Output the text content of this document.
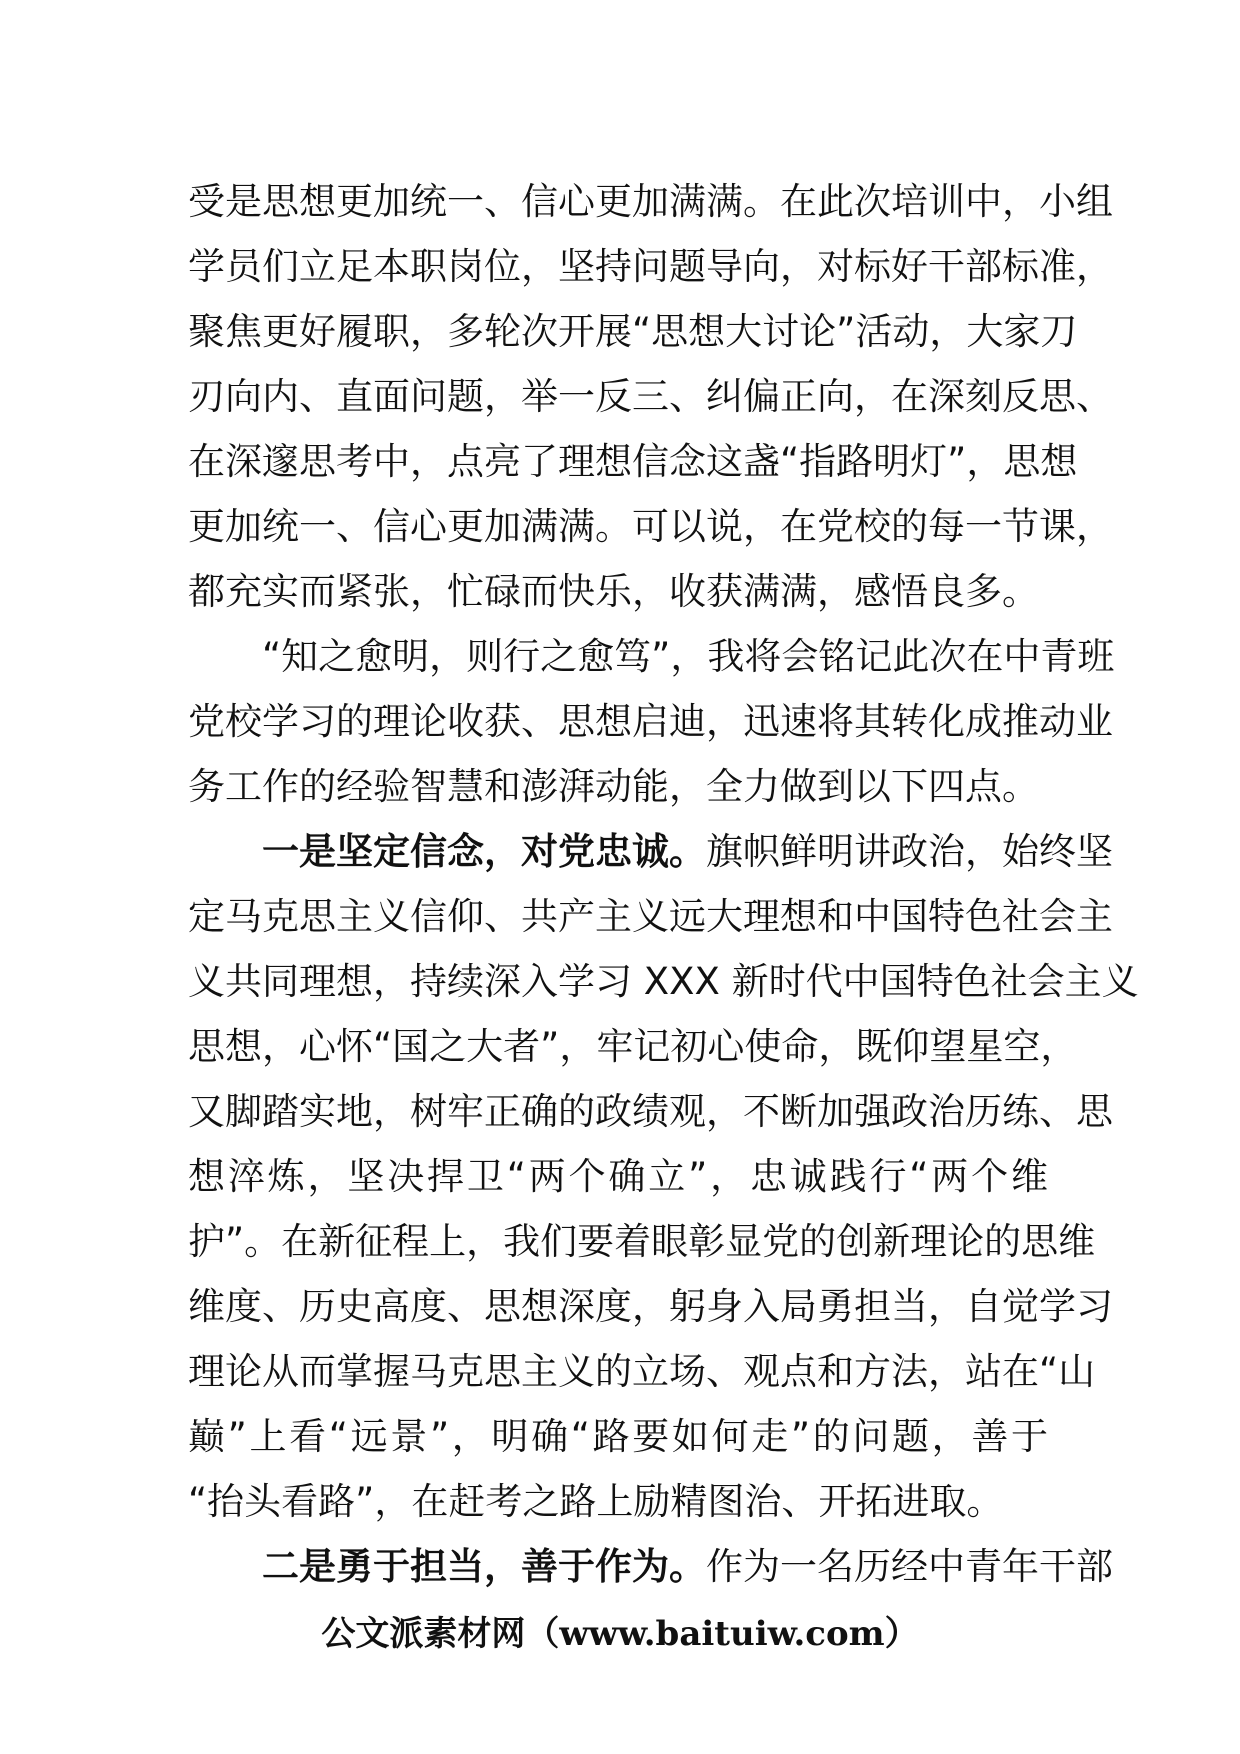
受是思想更加统一、信心更加满满。在此次培训中，小组
学员们立足本职岗位，坚持问题导向，对标好干部标准，
聚焦更好履职，多轮次开展“思想大讨论”活动，大家刀
刃向内、直面问题，举一反三、纠偏正向，在深刻反思、
在深邃思考中，点亮了理想信念这盏“指路明灯”，思想
更加统一、信心更加满满。可以说，在党校的每一节课，
都充实而紧张，忙碌而快乐，收获满满，感悟良多。
“知之愈明，则行之愈笃”，我将会铭记此次在中青班
党校学习的理论收获、思想启迪，迅速将其转化成推动业
务工作的经验智慧和澎湃动能，全力做到以下四点。
一是坚定信念，对党忠诚。旗帜鲜明讲政治，始终坚
定马克思主义信仰、共产主义远大理想和中国特色社会主
义共同理想，持续深入学习 XXX 新时代中国特色社会主义
思想，心怀“国之大者”，牢记初心使命，既仰望星空，
又脚踏实地，树牢正确的政绩观，不断加强政治历练、思
想淬炼，坚决捍卫“两个确立”，忠诚践行“两个维
护”。在新征程上，我们要着眼彰显党的创新理论的思维
维度、历史高度、思想深度，躬身入局勇担当，自觉学习
理论从而掌握马克思主义的立场、观点和方法，站在“山
巅”上看“远景”，明确“路要如何走”的问题，善于
“抬头看路”，在赶考之路上励精图治、开拓进取。
二是勇于担当，善于作为。作为一名历经中青年干部
公文派素材网（www.baituiw.com）
